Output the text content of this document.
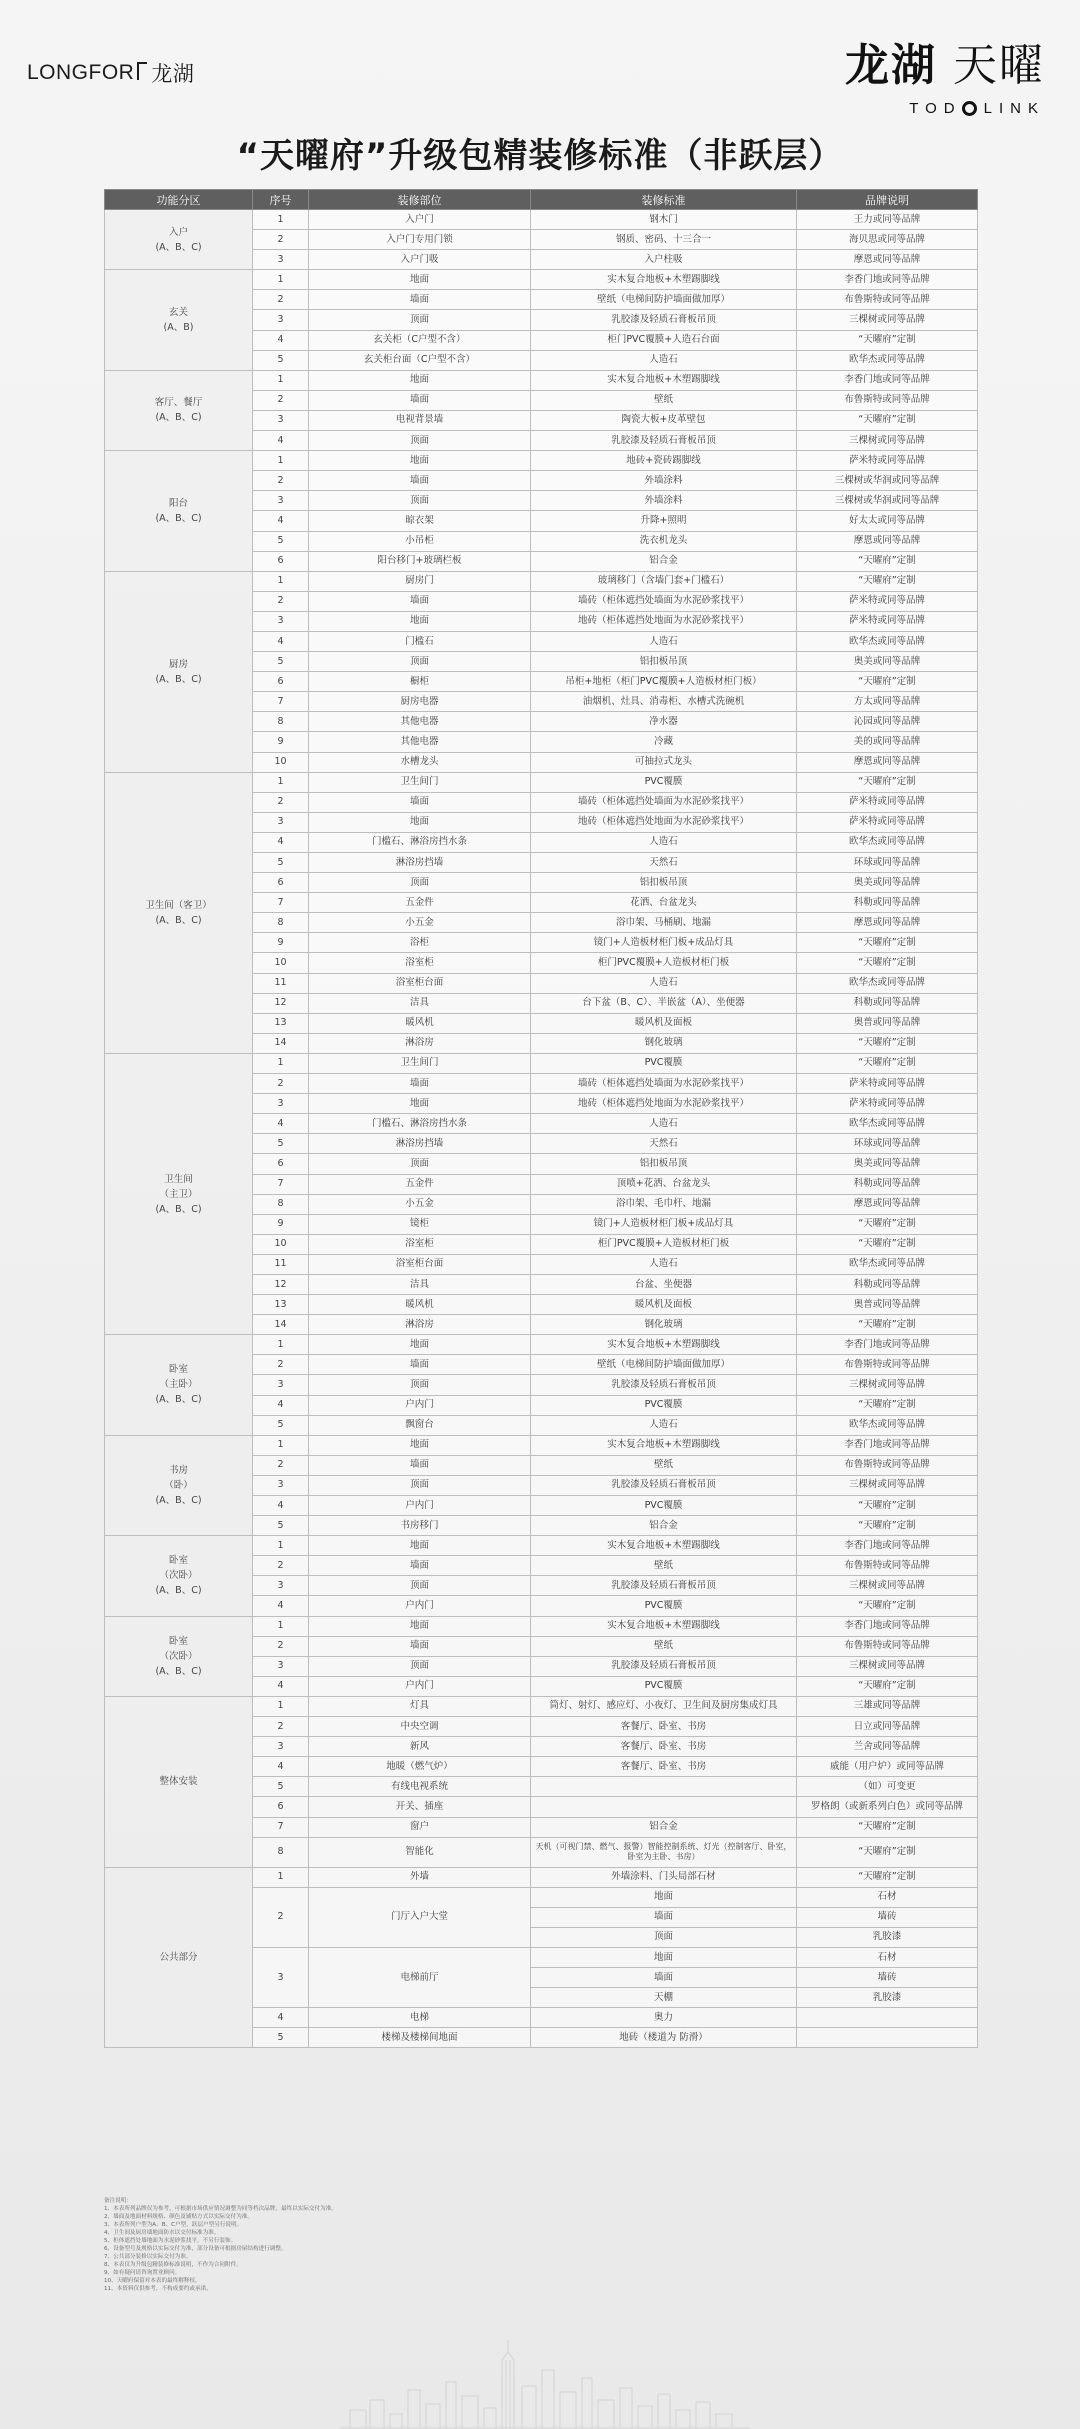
LONGFOR 龙湖	龙湖 天曜
TOD LINK
“天曜府”升级包精装修标准（非跃层）
功能分区	序号	装修部位	装修标准	品牌说明

入户
(A、B、C)	1	入户门	钢木门	王力或同等品牌
	2	入户门专用门锁	钢质、密码、十三合一	海贝思或同等品牌
	3	入户门吸	入户柱吸	摩恩或同等品牌

玄关
(A、B)	1	地面	实木复合地板+木塑踢脚线	李香门地或同等品牌
	2	墙面	壁纸（电梯间防护墙面做加厚）	布鲁斯特或同等品牌
	3	顶面	乳胶漆及轻质石膏板吊顶	三棵树或同等品牌
	4	玄关柜（C户型不含）	柜门PVC覆膜+人造石台面	“天曜府”定制
	5	玄关柜台面（C户型不含）	人造石	欧华杰或同等品牌

客厅、餐厅
(A、B、C)	1	地面	实木复合地板+木塑踢脚线	李香门地或同等品牌
	2	墙面	壁纸	布鲁斯特或同等品牌
	3	电视背景墙	陶瓷大板+皮革壁包	“天曜府”定制
	4	顶面	乳胶漆及轻质石膏板吊顶	三棵树或同等品牌

阳台
(A、B、C)	1	地面	地砖+瓷砖踢脚线	萨米特或同等品牌
	2	墙面	外墙涂料	三棵树或华润或同等品牌
	3	顶面	外墙涂料	三棵树或华润或同等品牌
	4	晾衣架	升降+照明	好太太或同等品牌
	5	小吊柜	洗衣机龙头	摩恩或同等品牌
	6	阳台移门+玻璃栏板	铝合金	“天曜府”定制

厨房
(A、B、C)	1	厨房门	玻璃移门（含墙门套+门槛石）	“天曜府”定制
	2	墙面	墙砖（柜体遮挡处墙面为水泥砂浆找平）	萨米特或同等品牌
	3	地面	地砖（柜体遮挡处地面为水泥砂浆找平）	萨米特或同等品牌
	4	门槛石	人造石	欧华杰或同等品牌
	5	顶面	铝扣板吊顶	奥美或同等品牌
	6	橱柜	吊柜+地柜（柜门PVC覆膜+人造板材柜门板）	“天曜府”定制
	7	厨房电器	油烟机、灶具、消毒柜、水槽式洗碗机	方太或同等品牌
	8	其他电器	净水器	沁园或同等品牌
	9	其他电器	冷藏	美的或同等品牌
	10	水槽龙头	可抽拉式龙头	摩恩或同等品牌

卫生间（客卫）
(A、B、C)	1	卫生间门	PVC覆膜	“天曜府”定制
	2	墙面	墙砖（柜体遮挡处墙面为水泥砂浆找平）	萨米特或同等品牌
	3	地面	地砖（柜体遮挡处地面为水泥砂浆找平）	萨米特或同等品牌
	4	门槛石、淋浴房挡水条	人造石	欧华杰或同等品牌
	5	淋浴房挡墙	天然石	环球或同等品牌
	6	顶面	铝扣板吊顶	奥美或同等品牌
	7	五金件	花洒、台盆龙头	科勒或同等品牌
	8	小五金	浴巾架、马桶刷、地漏	摩恩或同等品牌
	9	浴柜	镜门+人造板材柜门板+成品灯具	“天曜府”定制
	10	浴室柜	柜门PVC覆膜+人造板材柜门板	“天曜府”定制
	11	浴室柜台面	人造石	欧华杰或同等品牌
	12	洁具	台下盆（B、C）、半嵌盆（A）、坐便器	科勒或同等品牌
	13	暖风机	暖风机及面板	奥普或同等品牌
	14	淋浴房	钢化玻璃	“天曜府”定制

卫生间
（主卫）
(A、B、C)	1	卫生间门	PVC覆膜	“天曜府”定制
	2	墙面	墙砖（柜体遮挡处墙面为水泥砂浆找平）	萨米特或同等品牌
	3	地面	地砖（柜体遮挡处地面为水泥砂浆找平）	萨米特或同等品牌
	4	门槛石、淋浴房挡水条	人造石	欧华杰或同等品牌
	5	淋浴房挡墙	天然石	环球或同等品牌
	6	顶面	铝扣板吊顶	奥美或同等品牌
	7	五金件	顶喷+花洒、台盆龙头	科勒或同等品牌
	8	小五金	浴巾架、毛巾杆、地漏	摩恩或同等品牌
	9	镜柜	镜门+人造板材柜门板+成品灯具	“天曜府”定制
	10	浴室柜	柜门PVC覆膜+人造板材柜门板	“天曜府”定制
	11	浴室柜台面	人造石	欧华杰或同等品牌
	12	洁具	台盆、坐便器	科勒或同等品牌
	13	暖风机	暖风机及面板	奥普或同等品牌
	14	淋浴房	钢化玻璃	“天曜府”定制

卧室
（主卧）
(A、B、C)	1	地面	实木复合地板+木塑踢脚线	李香门地或同等品牌
	2	墙面	壁纸（电梯间防护墙面做加厚）	布鲁斯特或同等品牌
	3	顶面	乳胶漆及轻质石膏板吊顶	三棵树或同等品牌
	4	户内门	PVC覆膜	“天曜府”定制
	5	飘窗台	人造石	欧华杰或同等品牌

书房
（卧）
(A、B、C)	1	地面	实木复合地板+木塑踢脚线	李香门地或同等品牌
	2	墙面	壁纸	布鲁斯特或同等品牌
	3	顶面	乳胶漆及轻质石膏板吊顶	三棵树或同等品牌
	4	户内门	PVC覆膜	“天曜府”定制
	5	书房移门	铝合金	“天曜府”定制

卧室
（次卧）
(A、B、C)	1	地面	实木复合地板+木塑踢脚线	李香门地或同等品牌
	2	墙面	壁纸	布鲁斯特或同等品牌
	3	顶面	乳胶漆及轻质石膏板吊顶	三棵树或同等品牌
	4	户内门	PVC覆膜	“天曜府”定制

卧室
（次卧）
(A、B、C)	1	地面	实木复合地板+木塑踢脚线	李香门地或同等品牌
	2	墙面	壁纸	布鲁斯特或同等品牌
	3	顶面	乳胶漆及轻质石膏板吊顶	三棵树或同等品牌
	4	户内门	PVC覆膜	“天曜府”定制

整体安装	1	灯具	筒灯、射灯、感应灯、小夜灯、卫生间及厨房集成灯具	三雄或同等品牌
	2	中央空调	客餐厅、卧室、书房	日立或同等品牌
	3	新风	客餐厅、卧室、书房	兰舍或同等品牌
	4	地暖（燃气炉）	客餐厅、卧室、书房	威能（用户炉）或同等品牌
	5	有线电视系统		（如）可变更
	6	开关、插座		罗格朗（或新系列白色）或同等品牌
	7	窗户	铝合金	“天曜府”定制
	8	智能化	天机（可视门禁、燃气、报警）智能控制系统、灯光（控制客厅、卧室，卧室为主卧、书房）	“天曜府”定制
公共部分	1	外墙	外墙涂料、门头局部石材	“天曜府”定制
	2	门厅入户大堂	地面	石材
			墙面	墙砖
			顶面	乳胶漆
	3	电梯前厅	地面	石材
			墙面	墙砖
			天棚	乳胶漆
	4	电梯	奥力	
	5	楼梯及楼梯间地面	地砖（楼道为 防滑）	
备注说明：
1、本表所列品牌仅为参考，可根据市场供应情况调整为同等档次品牌，最终以实际交付为准。
2、墙面及地面材料规格、颜色及铺贴方式以实际交付为准。
3、本表所列户型为A、B、C户型，跃层户型另行说明。
4、卫生间及厨房墙地面防水以交付标准为准。
5、柜体遮挡处墙地面为水泥砂浆找平，不另行装饰。
6、设备型号及规格以实际交付为准，部分设备可根据房屋结构进行调整。
7、公共部分装修以实际交付为准。
8、本表仅为升级包精装修标准说明，不作为合同附件。
9、如有疑问请咨询置业顾问。
10、天曜府保留对本表的最终解释权。
11、本资料仅供参考，不构成要约或承诺。
